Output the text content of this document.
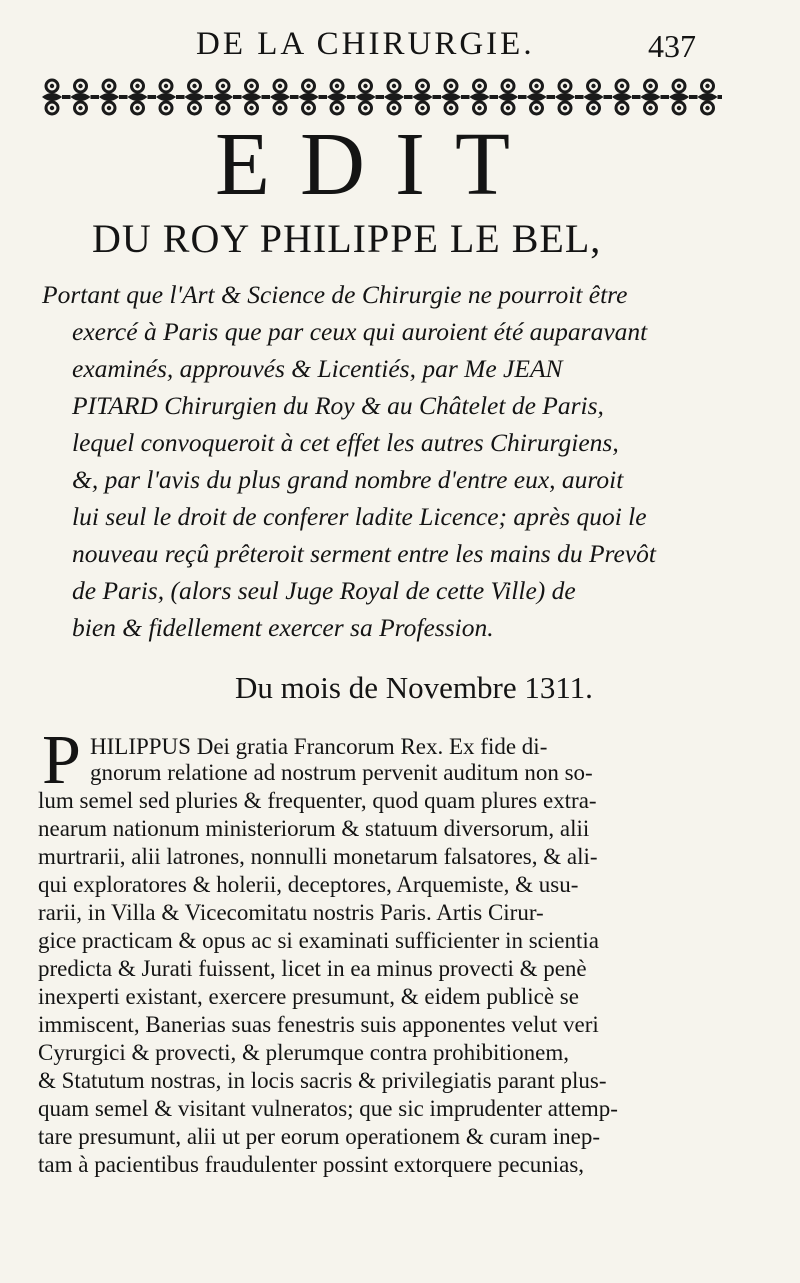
DE LA CHIRURGIE.	437
EDIT
DU ROY PHILIPPE LE BEL,
Portant que l'Art & Science de Chirurgie ne pourroit être
exercé à Paris que par ceux qui auroient été auparavant
examinés, approuvés & Licentiés, par Me JEAN
PITARD Chirurgien du Roy & au Châtelet de Paris,
lequel convoqueroit à cet effet les autres Chirurgiens,
&, par l'avis du plus grand nombre d'entre eux, auroit
lui seul le droit de conferer ladite Licence; après quoi le
nouveau reçû prêteroit serment entre les mains du Prevôt
de Paris, (alors seul Juge Royal de cette Ville) de
bien & fidellement exercer sa Profession.
Du mois de Novembre 1311.
P HILIPPUS Dei gratia Francorum Rex. Ex fide di-
gnorum relatione ad nostrum pervenit auditum non so-
lum semel sed pluries & frequenter, quod quam plures extra-
nearum nationum ministeriorum & statuum diversorum, alii
murtrarii, alii latrones, nonnulli monetarum falsatores, & ali-
qui exploratores & holerii, deceptores, Arquemiste, & usu-
rarii, in Villa & Vicecomitatu nostris Paris. Artis Cirur-
gice practicam & opus ac si examinati sufficienter in scientia
predicta & Jurati fuissent, licet in ea minus provecti & penè
inexperti existant, exercere presumunt, & eidem publicè se
immiscent, Banerias suas fenestris suis apponentes velut veri
Cyrurgici & provecti, & plerumque contra prohibitionem,
& Statutum nostras, in locis sacris & privilegiatis parant plus-
quam semel & visitant vulneratos; que sic imprudenter attemp-
tare presumunt, alii ut per eorum operationem & curam inep-
tam à pacientibus fraudulenter possint extorquere pecunias,
